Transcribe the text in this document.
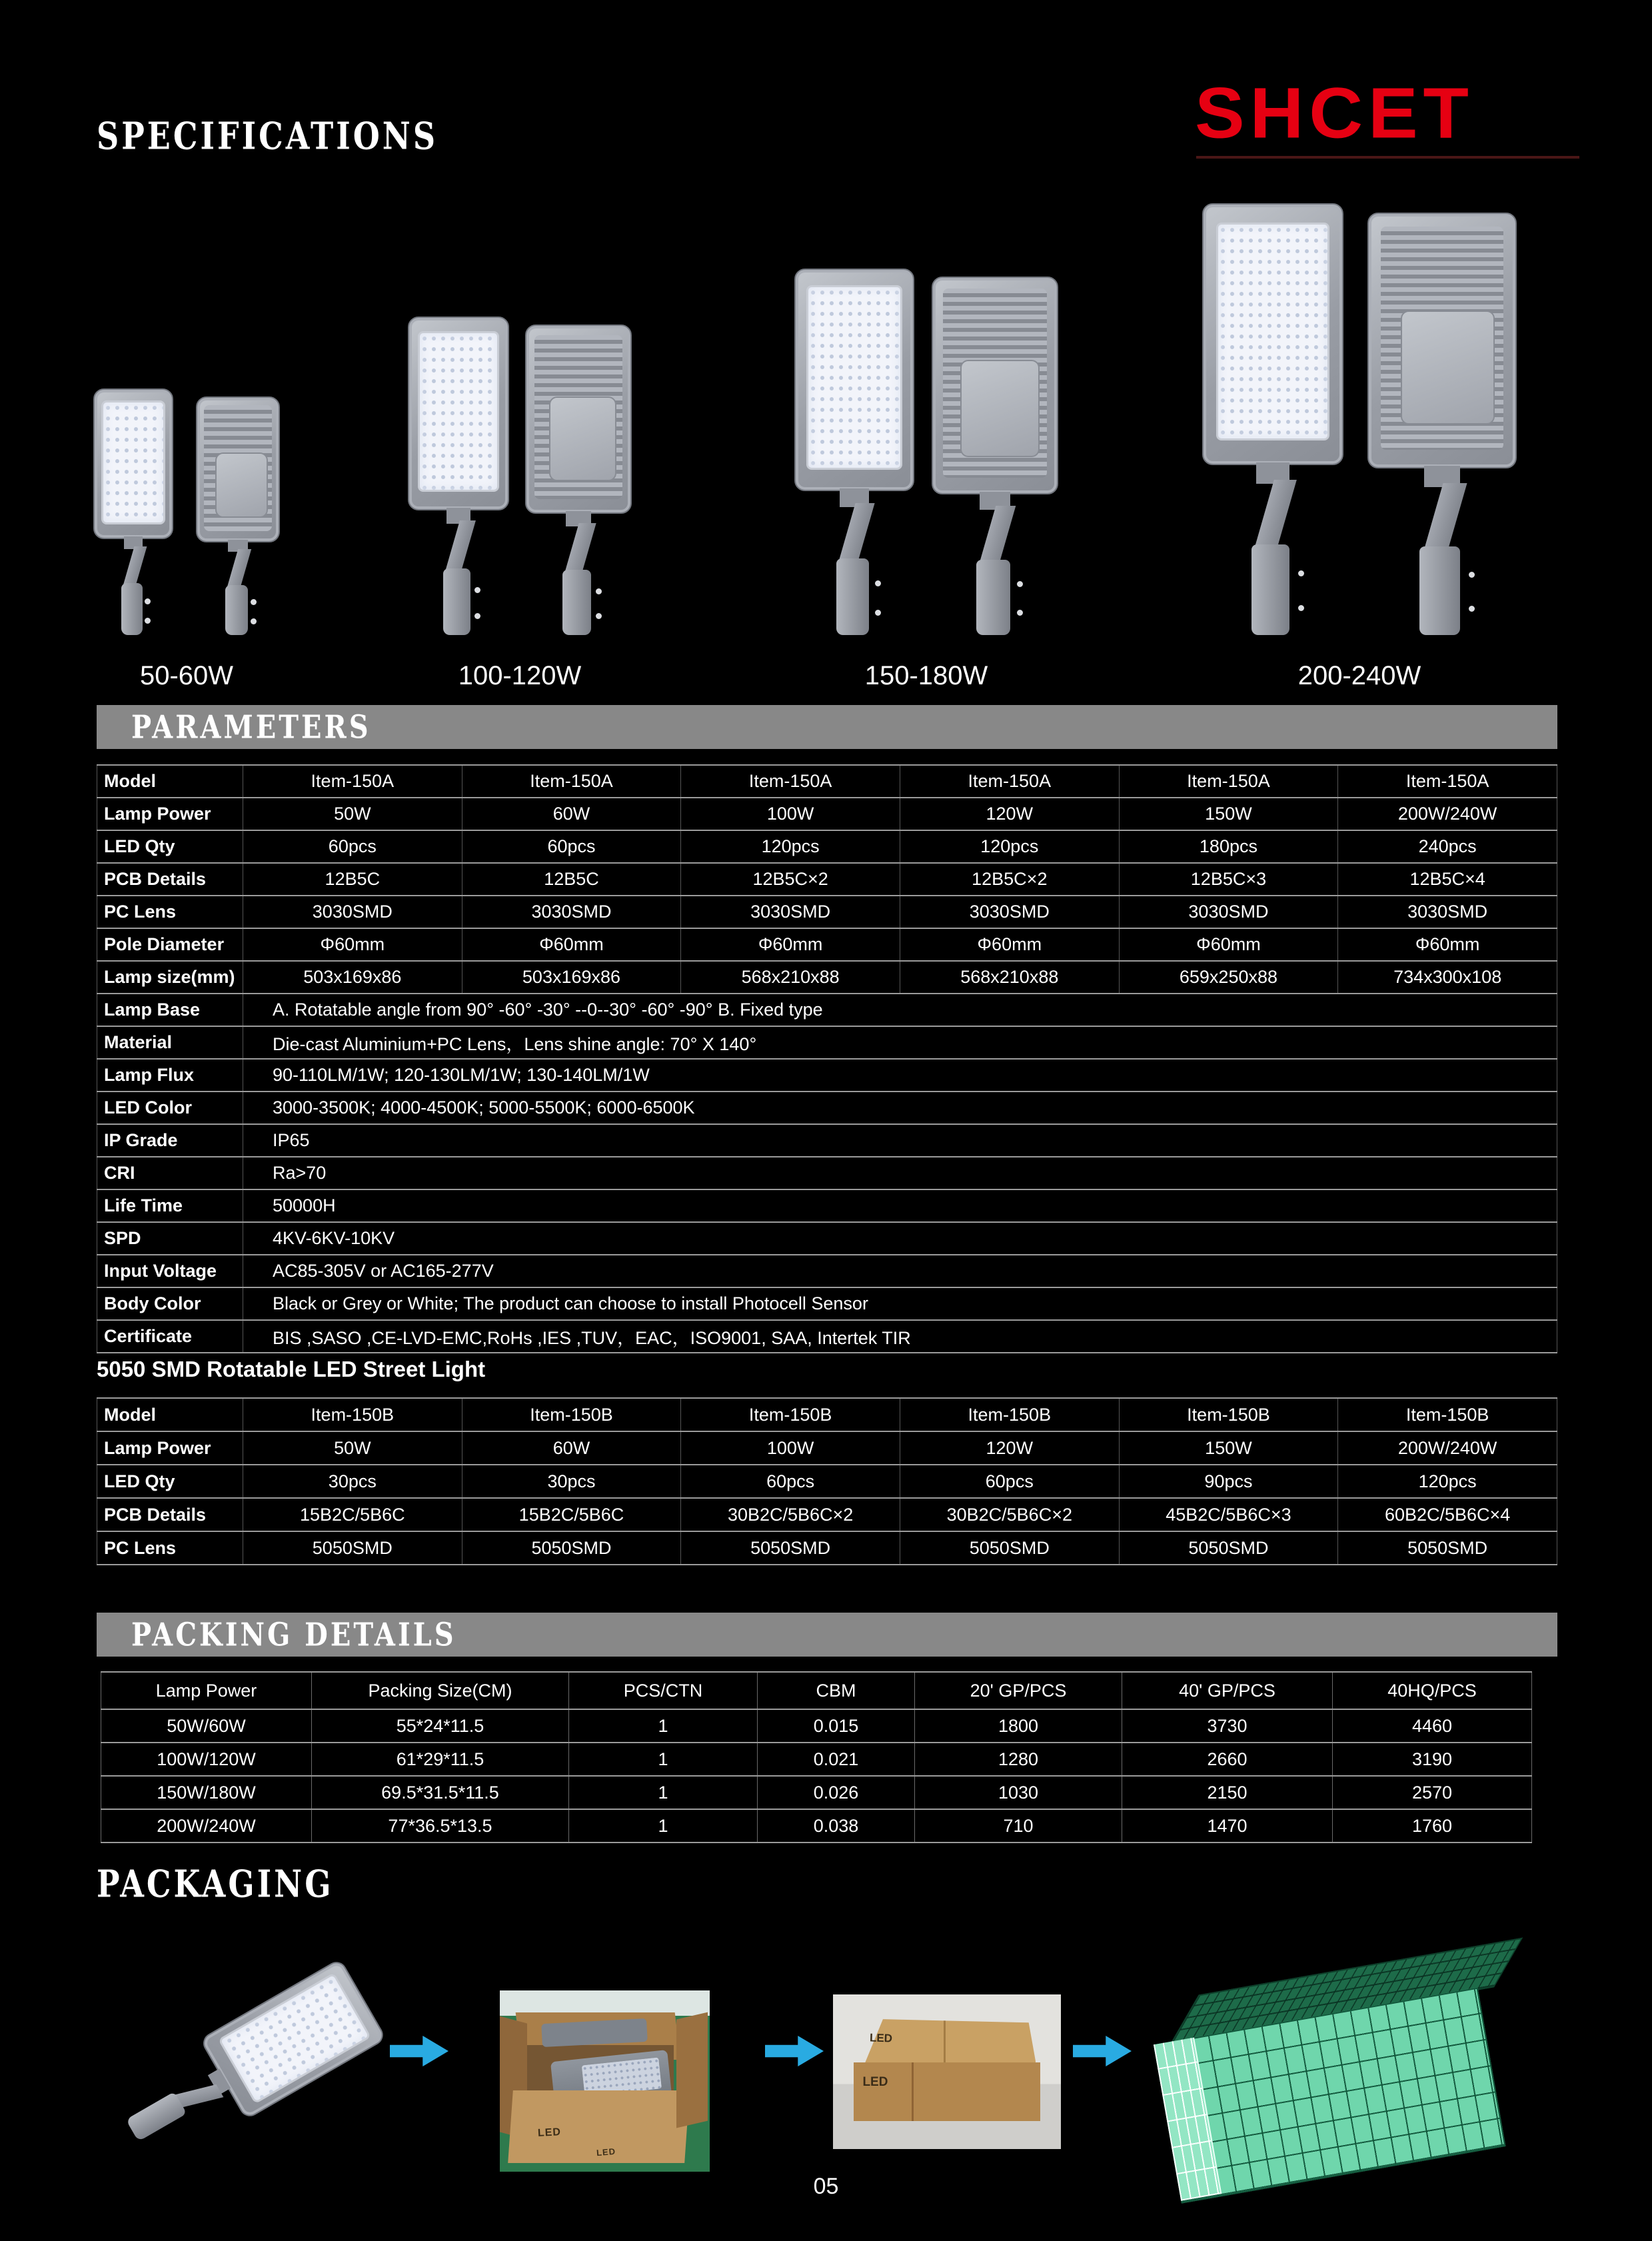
SPECIFICATIONS	SHCET
50-60W	100-120W	150-180W	200-240W
PARAMETERS
Model	Item-150A	Item-150A	Item-150A	Item-150A	Item-150A	Item-150A
Lamp Power	50W	60W	100W	120W	150W	200W/240W
LED Qty	60pcs	60pcs	120pcs	120pcs	180pcs	240pcs
PCB Details	12B5C	12B5C	12B5C×2	12B5C×2	12B5C×3	12B5C×4
PC Lens	3030SMD	3030SMD	3030SMD	3030SMD	3030SMD	3030SMD
Pole Diameter	Φ60mm	Φ60mm	Φ60mm	Φ60mm	Φ60mm	Φ60mm
Lamp size(mm)	503x169x86	503x169x86	568x210x88	568x210x88	659x250x88	734x300x108
Lamp Base	A. Rotatable angle from 90° -60° -30° --0--30° -60° -90° B. Fixed type					
Material	Die-cast Aluminium+PC Lens，Lens shine angle: 70° X 140°					
Lamp Flux	90-110LM/1W; 120-130LM/1W; 130-140LM/1W					
LED Color	3000-3500K; 4000-4500K; 5000-5500K; 6000-6500K					
IP Grade	IP65					
CRI	Ra>70					
Life Time	50000H					
SPD	4KV-6KV-10KV					
Input Voltage	AC85-305V or AC165-277V					
Body Color	Black or Grey or White; The product can choose to install Photocell Sensor					
Certificate	BIS ,SASO ,CE-LVD-EMC,RoHs ,IES ,TUV，EAC，ISO9001, SAA, Intertek TIR					
5050 SMD Rotatable LED Street Light
Model	Item-150B	Item-150B	Item-150B	Item-150B	Item-150B	Item-150B
Lamp Power	50W	60W	100W	120W	150W	200W/240W
LED Qty	30pcs	30pcs	60pcs	60pcs	90pcs	120pcs
PCB Details	15B2C/5B6C	15B2C/5B6C	30B2C/5B6C×2	30B2C/5B6C×2	45B2C/5B6C×3	60B2C/5B6C×4
PC Lens	5050SMD	5050SMD	5050SMD	5050SMD	5050SMD	5050SMD
PACKING DETAILS
Lamp Power	Packing Size(CM)	PCS/CTN	CBM	20' GP/PCS	40' GP/PCS	40HQ/PCS
50W/60W	55*24*11.5	1	0.015	1800	3730	4460
100W/120W	61*29*11.5	1	0.021	1280	2660	3190
150W/180W	69.5*31.5*11.5	1	0.026	1030	2150	2570
200W/240W	77*36.5*13.5	1	0.038	710	1470	1760
PACKAGING
LED
LED
LED
LED
05
